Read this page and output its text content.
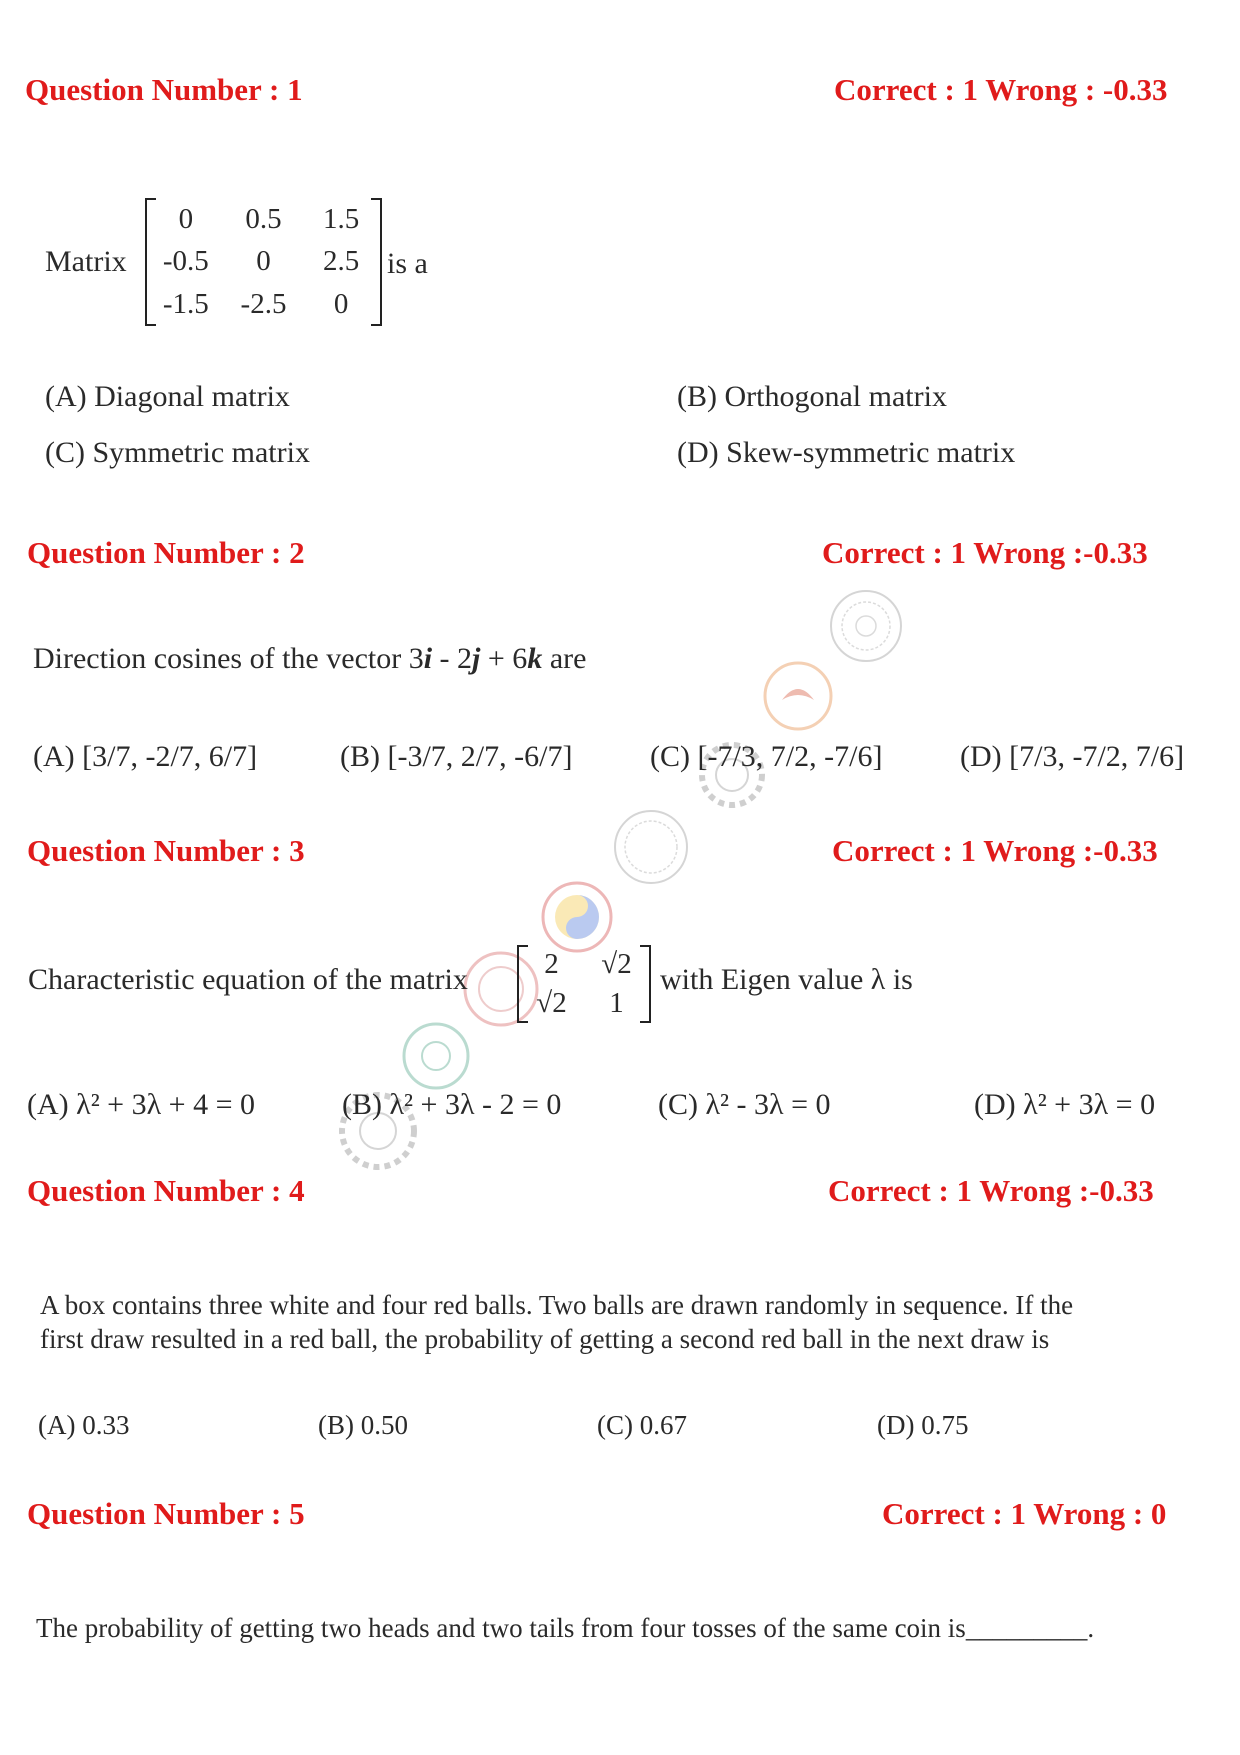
Question Number : 1	Correct : 1 Wrong : -0.33
Matrix
0 0.5 1.5
-0.5 0 2.5
-1.5 -2.5 0
is a
(A) Diagonal matrix	(B) Orthogonal matrix
(C) Symmetric matrix	(D) Skew-symmetric matrix
Question Number : 2	Correct : 1 Wrong :-0.33
Direction cosines of the vector 3i - 2j + 6k are
(A) [3/7, -2/7, 6/7]	(B) [-3/7, 2/7, -6/7]	(C) [-7/3, 7/2, -7/6]	(D) [7/3, -7/2, 7/6]
Question Number : 3	Correct : 1 Wrong :-0.33
Characteristic equation of the matrix	2 √2
√2 1
with Eigen value λ is
(A) λ² + 3λ + 4 = 0	(B) λ² + 3λ - 2 = 0	(C) λ² - 3λ = 0	(D) λ² + 3λ = 0
Question Number : 4	Correct : 1 Wrong :-0.33
A box contains three white and four red balls. Two balls are drawn randomly in sequence. If the
first draw resulted in a red ball, the probability of getting a second red ball in the next draw is
(A) 0.33	(B) 0.50	(C) 0.67	(D) 0.75
Question Number : 5	Correct : 1 Wrong : 0
The probability of getting two heads and two tails from four tosses of the same coin is_________.
